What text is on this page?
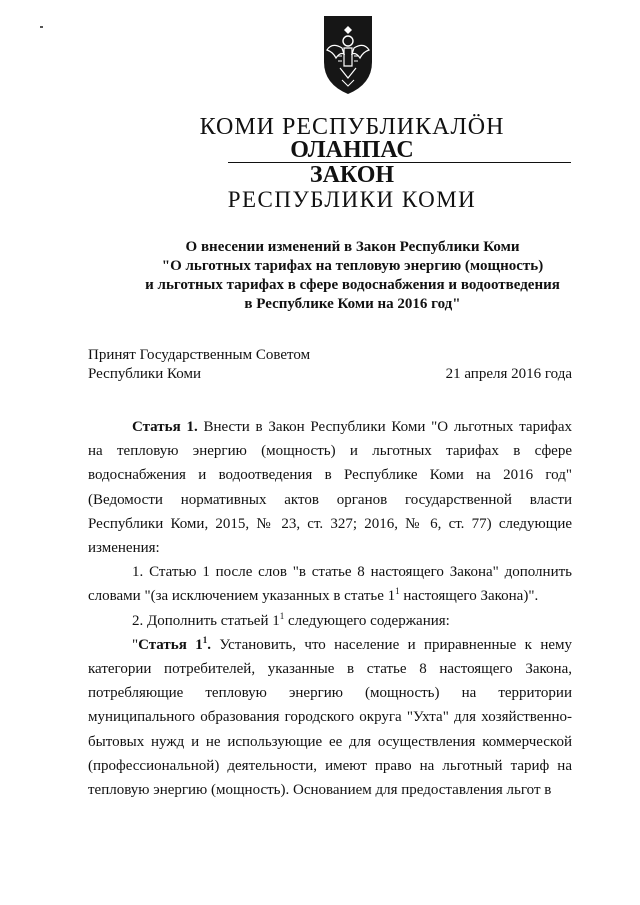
КОМИ РЕСПУБЛИКАЛÖН
ОЛАНПАС
ЗАКОН
РЕСПУБЛИКИ КОМИ
О внесении изменений в Закон Республики Коми
"О льготных тарифах на тепловую энергию (мощность)
и льготных тарифах в сфере водоснабжения и водоотведения
в Республике Коми на 2016 год"
Принят Государственным Советом
Республики Коми	21 апреля 2016 года

Статья 1. Внести в Закон Республики Коми "О льготных тарифах на тепловую энергию (мощность) и льготных тарифах в сфере водоснабжения и водоотведения в Республике Коми на 2016 год" (Ведомости нормативных актов органов государственной власти Республики Коми, 2015, № 23, ст. 327; 2016, № 6, ст. 77) следующие изменения:

1. Статью 1 после слов "в статье 8 настоящего Закона" дополнить словами "(за исключением указанных в статье $1^1$ настоящего Закона)".

2. Дополнить статьей $1^1$ следующего содержания:

"Статья $1^1$. Установить, что население и приравненные к нему категории потребителей, указанные в статье 8 настоящего Закона, потребляющие тепловую энергию (мощность) на территории муниципального образования городского округа "Ухта" для хозяйственно-бытовых нужд и не использующие ее для осуществления коммерческой (профессиональной) деятельности, имеют право на льготный тариф на тепловую энергию (мощность). Основанием для предоставления льгот в
